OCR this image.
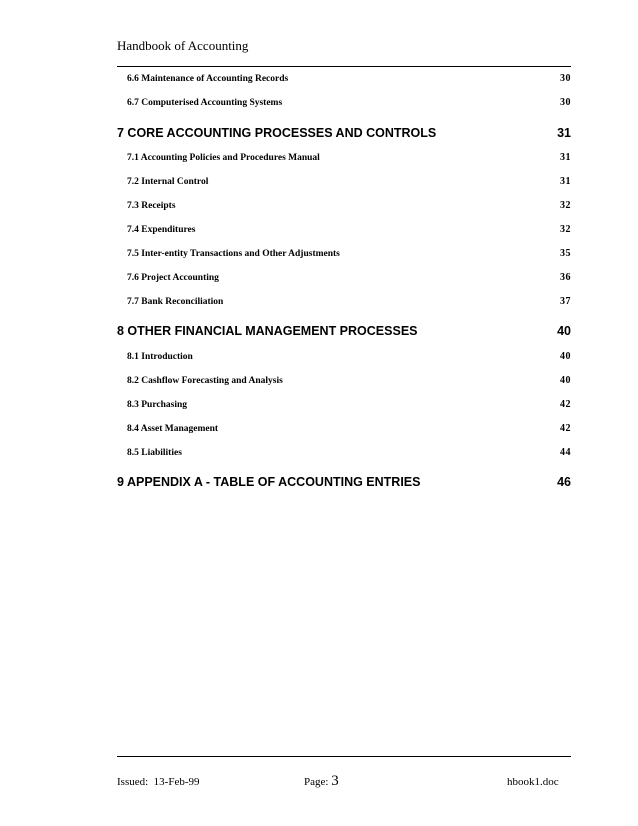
Handbook of Accounting
6.6 Maintenance of Accounting Records	30
6.7 Computerised Accounting Systems	30
7 CORE ACCOUNTING PROCESSES AND CONTROLS	31
7.1 Accounting Policies and Procedures Manual	31
7.2 Internal Control	31
7.3 Receipts	32
7.4 Expenditures	32
7.5 Inter-entity Transactions and Other Adjustments	35
7.6 Project Accounting	36
7.7 Bank Reconciliation	37
8 OTHER FINANCIAL MANAGEMENT PROCESSES	40
8.1 Introduction	40
8.2 Cashflow Forecasting and Analysis	40
8.3 Purchasing	42
8.4 Asset Management	42
8.5 Liabilities	44
9 APPENDIX A - TABLE OF ACCOUNTING ENTRIES	46
Issued: 13-Feb-99	Page: 3	hbook1.doc
